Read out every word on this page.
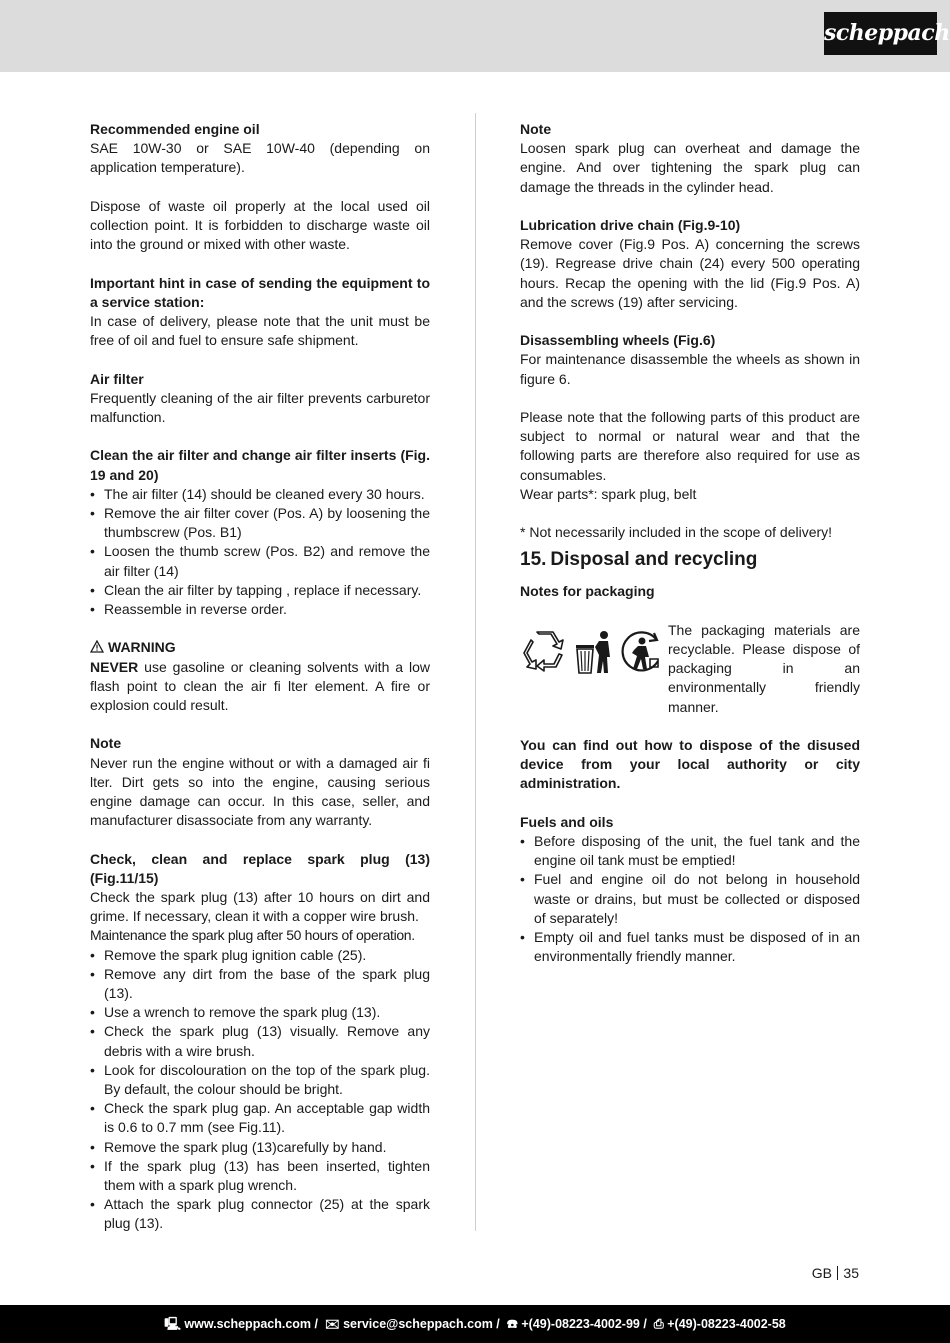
scheppach

Recommended engine oil

SAE 10W-30 or SAE 10W-40 (depending on application temperature).

Dispose of waste oil properly at the local used oil collection point. It is forbidden to discharge waste oil into the ground or mixed with other waste.

Important hint in case of sending the equipment to a service station:

In case of delivery, please note that the unit must be free of oil and fuel to ensure safe shipment.

Air filter

Frequently cleaning of the air filter prevents carburetor malfunction.

Clean the air filter and change air filter inserts (Fig. 19 and 20)

• The air filter (14) should be cleaned every 30 hours.
• Remove the air filter cover (Pos. A) by loosening the thumbscrew (Pos. B1)
• Loosen the thumb screw (Pos. B2) and remove the air filter (14)
• Clean the air filter by tapping , replace if necessary.
• Reassemble in reverse order.

WARNING

NEVER use gasoline or cleaning solvents with a low flash point to clean the air fi lter element. A fire or explosion could result.

Note

Never run the engine without or with a damaged air fi lter. Dirt gets so into the engine, causing serious engine damage can occur. In this case, seller, and manufacturer disassociate from any warranty.

Check, clean and replace spark plug (13) (Fig.11/15)

Check the spark plug (13) after 10 hours on dirt and grime. If necessary, clean it with a copper wire brush.

Maintenance the spark plug after 50 hours of operation.

• Remove the spark plug ignition cable (25).
• Remove any dirt from the base of the spark plug (13).
• Use a wrench to remove the spark plug (13).
• Check the spark plug (13) visually. Remove any debris with a wire brush.
• Look for discolouration on the top of the spark plug. By default, the colour should be bright.
• Check the spark plug gap. An acceptable gap width is 0.6 to 0.7 mm (see Fig.11).
• Remove the spark plug (13)carefully by hand.
• If the spark plug (13) has been inserted, tighten them with a spark plug wrench.
• Attach the spark plug connector (25) at the spark plug (13).

Note

Loosen spark plug can overheat and damage the engine. And over tightening the spark plug can damage the threads in the cylinder head.

Lubrication drive chain (Fig.9-10)

Remove cover (Fig.9 Pos. A) concerning the screws (19). Regrease drive chain (24) every 500 operating hours. Recap the opening with the lid (Fig.9 Pos. A) and the screws (19) after servicing.

Disassembling wheels (Fig.6)

For maintenance disassemble the wheels as shown in figure 6.

Please note that the following parts of this product are subject to normal or natural wear and that the following parts are therefore also required for use as consumables.

Wear parts*: spark plug, belt

* Not necessarily included in the scope of delivery!

15. Disposal and recycling

Notes for packaging

The packaging materials are recyclable. Please dispose of packaging in an environmentally friendly manner.

You can find out how to dispose of the disused device from your local authority or city administration.

Fuels and oils

• Before disposing of the unit, the fuel tank and the engine oil tank must be emptied!
• Fuel and engine oil do not belong in household waste or drains, but must be collected or disposed of separately!
• Empty oil and fuel tanks must be disposed of in an environmentally friendly manner.
GB 35
🖳 www.scheppach.com /  ✉ service@scheppach.com /  ☎ +(49)-08223-4002-99 /  ⎙ +(49)-08223-4002-58
